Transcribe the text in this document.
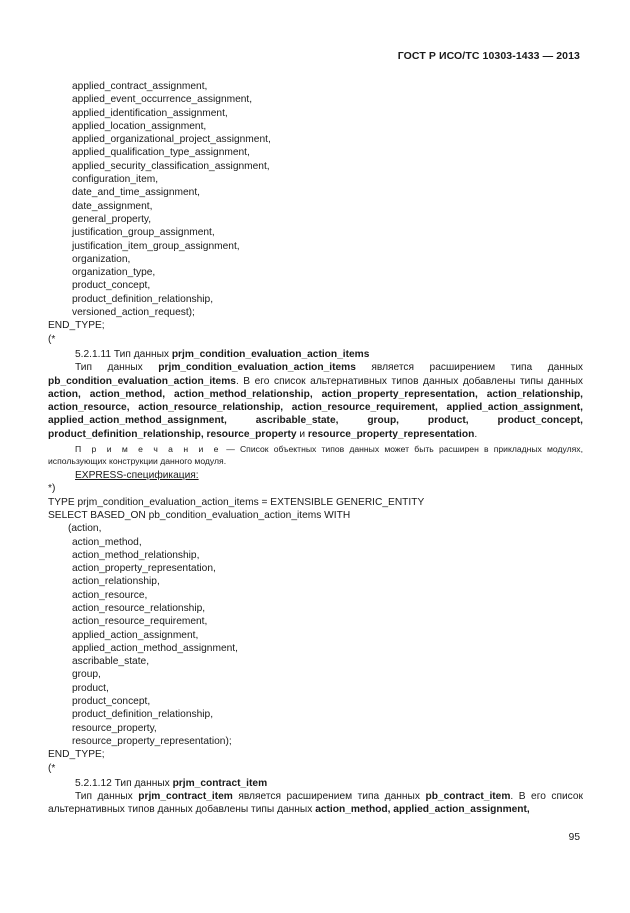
ГОСТ Р ИСО/ТС 10303-1433 — 2013
applied_contract_assignment,
applied_event_occurrence_assignment,
applied_identification_assignment,
applied_location_assignment,
applied_organizational_project_assignment,
applied_qualification_type_assignment,
applied_security_classification_assignment,
configuration_item,
date_and_time_assignment,
date_assignment,
general_property,
justification_group_assignment,
justification_item_group_assignment,
organization,
organization_type,
product_concept,
product_definition_relationship,
versioned_action_request);
END_TYPE;
(*
5.2.1.11 Тип данных prjm_condition_evaluation_action_items
Тип данных prjm_condition_evaluation_action_items является расширением типа данных pb_condition_evaluation_action_items. В его список альтернативных типов данных добавлены типы данных action, action_method, action_method_relationship, action_property_representation, action_relationship, action_resource, action_resource_relationship, action_resource_requirement, applied_action_assignment, applied_action_method_assignment, ascribable_state, group, product, product_concept, product_definition_relationship, resource_property и resource_property_representation.
П р и м е ч а н и е — Список объектных типов данных может быть расширен в прикладных модулях, использующих конструкции данного модуля.
EXPRESS-спецификация:
*)
TYPE prjm_condition_evaluation_action_items = EXTENSIBLE GENERIC_ENTITY
SELECT BASED_ON pb_condition_evaluation_action_items WITH
(action,
action_method,
action_method_relationship,
action_property_representation,
action_relationship,
action_resource,
action_resource_relationship,
action_resource_requirement,
applied_action_assignment,
applied_action_method_assignment,
ascribable_state,
group,
product,
product_concept,
product_definition_relationship,
resource_property,
resource_property_representation);
END_TYPE;
(*
5.2.1.12 Тип данных prjm_contract_item
Тип данных prjm_contract_item является расширением типа данных pb_contract_item. В его список альтернативных типов данных добавлены типы данных action_method, applied_action_assignment,
95
